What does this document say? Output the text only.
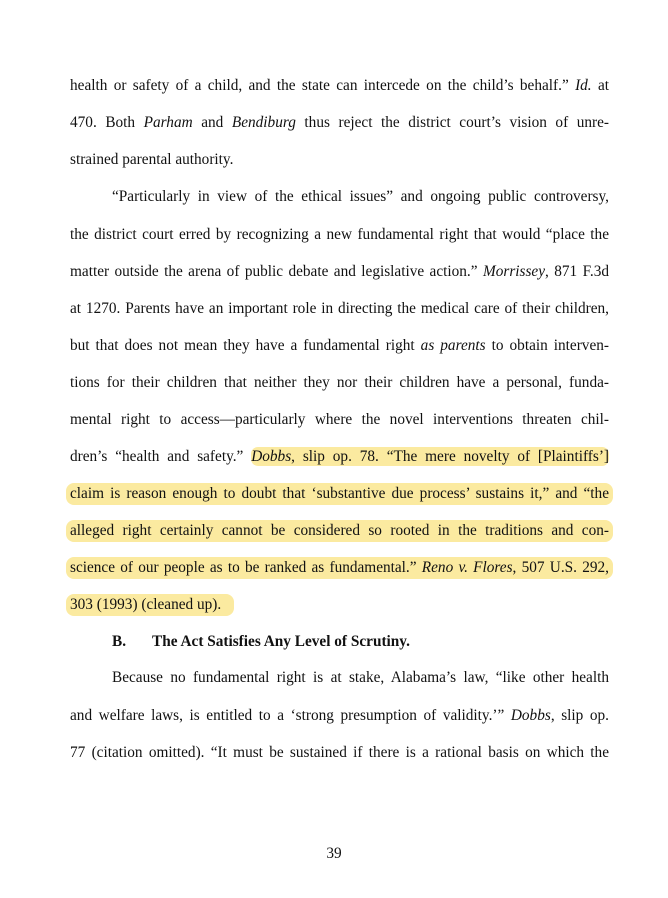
health or safety of a child, and the state can intercede on the child’s behalf.” Id. at
470. Both Parham and Bendiburg thus reject the district court’s vision of unre-
strained parental authority.
“Particularly in view of the ethical issues” and ongoing public controversy,
the district court erred by recognizing a new fundamental right that would “place the
matter outside the arena of public debate and legislative action.” Morrissey, 871 F.3d
at 1270. Parents have an important role in directing the medical care of their children,
but that does not mean they have a fundamental right as parents to obtain interven-
tions for their children that neither they nor their children have a personal, funda-
mental right to access—particularly where the novel interventions threaten chil-
dren’s “health and safety.” Dobbs, slip op. 78. “The mere novelty of [Plaintiffs’]
claim is reason enough to doubt that ‘substantive due process’ sustains it,” and “the
alleged right certainly cannot be considered so rooted in the traditions and con-
science of our people as to be ranked as fundamental.” Reno v. Flores, 507 U.S. 292,
303 (1993) (cleaned up).
B. The Act Satisfies Any Level of Scrutiny.
Because no fundamental right is at stake, Alabama’s law, “like other health
and welfare laws, is entitled to a ‘strong presumption of validity.’” Dobbs, slip op.
77 (citation omitted). “It must be sustained if there is a rational basis on which the
39
